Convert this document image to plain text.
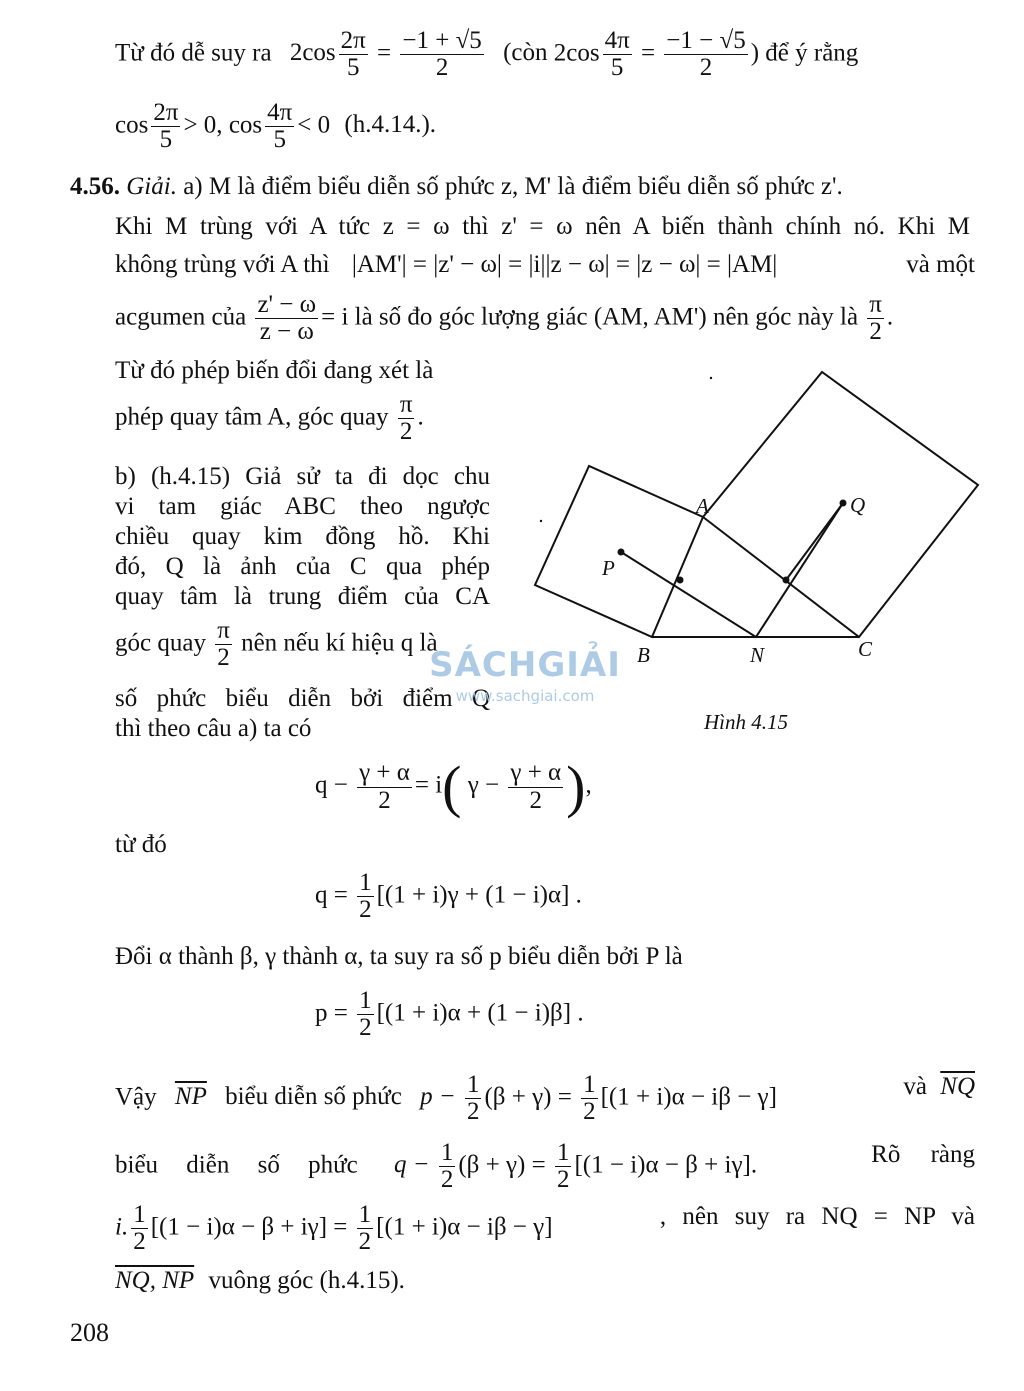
Từ đó dễ suy ra $2\cos \frac{2\pi}{5} = \frac{-1 + √5}{2}$ (còn $2\cos \frac{4\pi}{5} = \frac{-1 - √5}{2}$ ) để ý rằng
$\cos \frac{2\pi}{5} > 0$, $\cos \frac{4\pi}{5} < 0$ (h.4.14.).
4.56. Giải. a) M là điểm biểu diễn số phức z, M' là điểm biểu diễn số phức z'.
Khi M trùng với A tức z = ω thì z' = ω nên A biến thành chính nó. Khi M
không trùng với A thì |AM'| = |z' − ω| = |i||z − ω| = |z − ω| = |AM|	và một
acgumen của $\frac{z' - \omega}{z - \omega} = i$ là số đo góc lượng giác (AM, AM') nên góc này là $\frac{\pi}{2}$ .
Từ đó phép biến đổi đang xét là
phép quay tâm A, góc quay $\frac{\pi}{2}$ .
b) (h.4.15) Giả sử ta đi dọc chu
vi tam giác ABC theo ngược
chiều quay kim đồng hồ. Khi
đó, Q là ảnh của C qua phép
quay tâm là trung điểm của CA
góc quay $\frac{\pi}{2}$ nên nếu kí hiệu q là
số phức biểu diễn bởi điểm Q
thì theo câu a) ta có
A
B	C
N
P
Q
Hình 4.15
SÁCHGIẢI
www.sachgiai.com
$q - \frac{\gamma + \alpha}{2} = i$( $\gamma - \frac{\gamma + \alpha}{2}$ ),
từ đó
$q = \frac{1}{2} [(1 + i)\gamma + (1 - i)\alpha]$ .
Đổi α thành β, γ thành α, ta suy ra số p biểu diễn bởi P là
$p = \frac{1}{2} [(1 + i)\alpha + (1 - i)\beta]$ .
Vậy $\overline{NP}$ biểu diễn số phức $p - \frac{1}{2} (\beta + \gamma) = \frac{1}{2} [(1 + i)\alpha - i\beta - \gamma]$	và $\overline{NQ}$
biểu diễn số phức $q - \frac{1}{2} (\beta + \gamma) = \frac{1}{2} [(1 - i)\alpha - \beta + i\gamma]$.	Rõ ràng
i. $\frac{1}{2} [(1 - i)\alpha - \beta + i\gamma] = \frac{1}{2} [(1 + i)\alpha - i\beta - \gamma]$	, nên suy ra NQ = NP và
NQ, NP vuông góc (h.4.15).
208
